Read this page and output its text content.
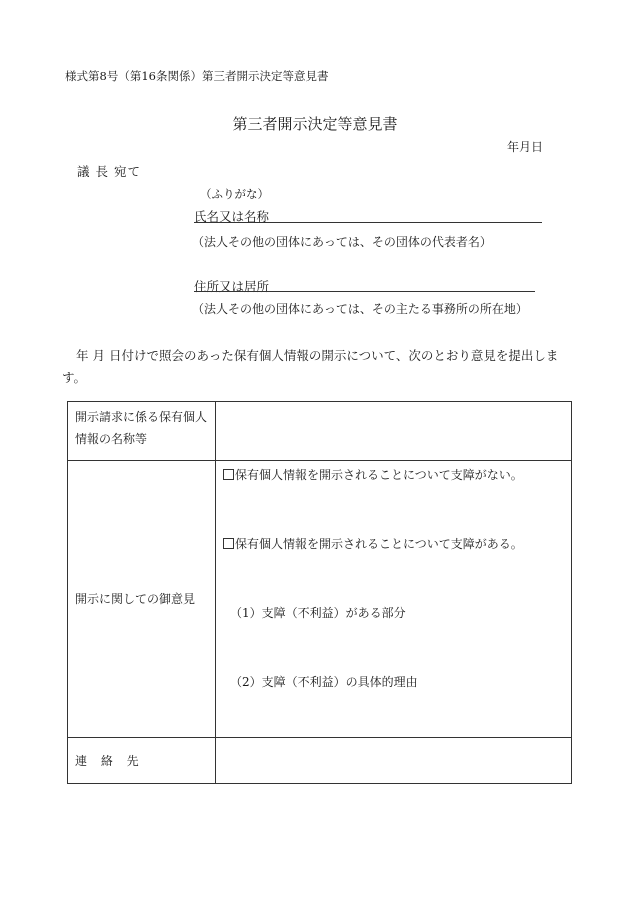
様式第8号（第16条関係）第三者開示決定等意見書
第三者開示決定等意見書
年月日
議 長 宛て
（ふりがな）
氏名又は名称
（法人その他の団体にあっては、その団体の代表者名）
住所又は居所
（法人その他の団体にあっては、その主たる事務所の所在地）
年 月 日付けで照会のあった保有個人情報の開示について、次のとおり意見を提出します。
開示請求に係る保有個人情報の名称等	
開示に関しての御意見	保有個人情報を開示されることについて支障がない。
保有個人情報を開示されることについて支障がある。
（1）支障（不利益）がある部分
（2）支障（不利益）の具体的理由

連 絡 先	
